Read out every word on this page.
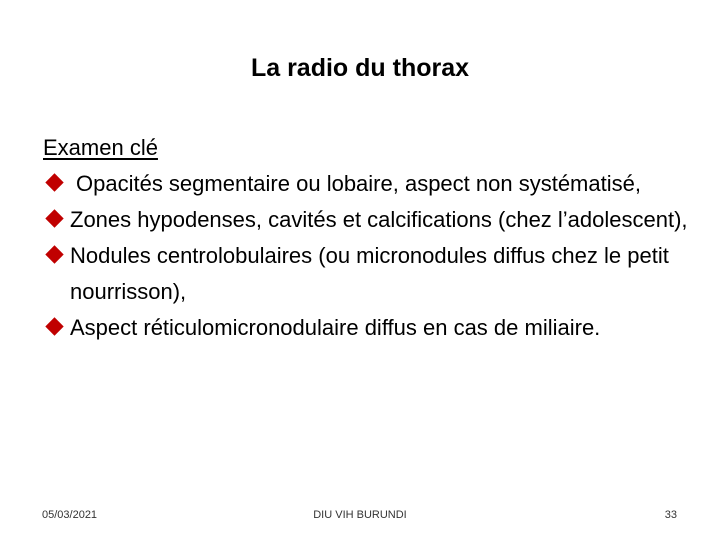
La radio du thorax
Examen clé
Opacités segmentaire ou lobaire, aspect non systématisé,
Zones hypodenses, cavités et calcifications (chez l’adolescent),
Nodules centrolobulaires (ou micronodules diffus chez le petit nourrisson),
Aspect réticulomicronodulaire diffus en cas de miliaire.
05/03/2021	DIU VIH BURUNDI	33
